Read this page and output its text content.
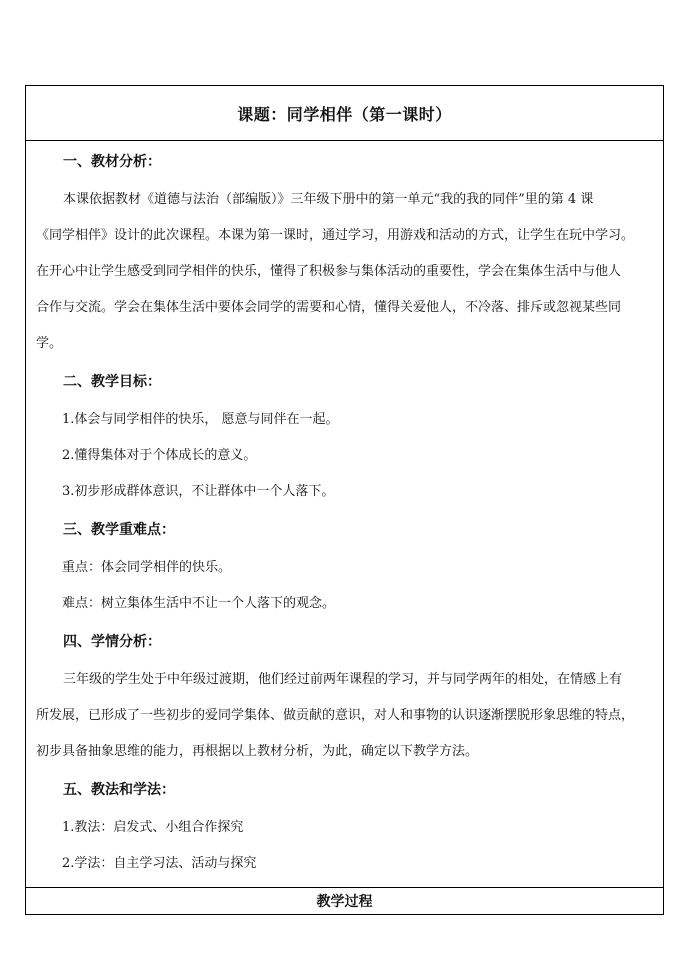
课题：同学相伴（第一课时）
一、教材分析：
本课依据教材《道德与法治（部编版）》三年级下册中的第一单元“我的我的同伴”里的第 4 课
《同学相伴》设计的此次课程。本课为第一课时，通过学习，用游戏和活动的方式，让学生在玩中学习。
在开心中让学生感受到同学相伴的快乐，懂得了积极参与集体活动的重要性，学会在集体生活中与他人
合作与交流。学会在集体生活中要体会同学的需要和心情，懂得关爱他人，不冷落、排斥或忽视某些同
学。
二、教学目标：
1.体会与同学相伴的快乐， 愿意与同伴在一起。
2.懂得集体对于个体成长的意义。
3.初步形成群体意识，不让群体中一个人落下。
三、教学重难点：
重点：体会同学相伴的快乐。
难点：树立集体生活中不让一个人落下的观念。
四、学情分析：
三年级的学生处于中年级过渡期，他们经过前两年课程的学习，并与同学两年的相处，在情感上有
所发展，已形成了一些初步的爱同学集体、做贡献的意识，对人和事物的认识逐渐摆脱形象思维的特点，
初步具备抽象思维的能力，再根据以上教材分析，为此，确定以下教学方法。
五、教法和学法：
1.教法：启发式、小组合作探究
2.学法：自主学习法、活动与探究
教学过程
